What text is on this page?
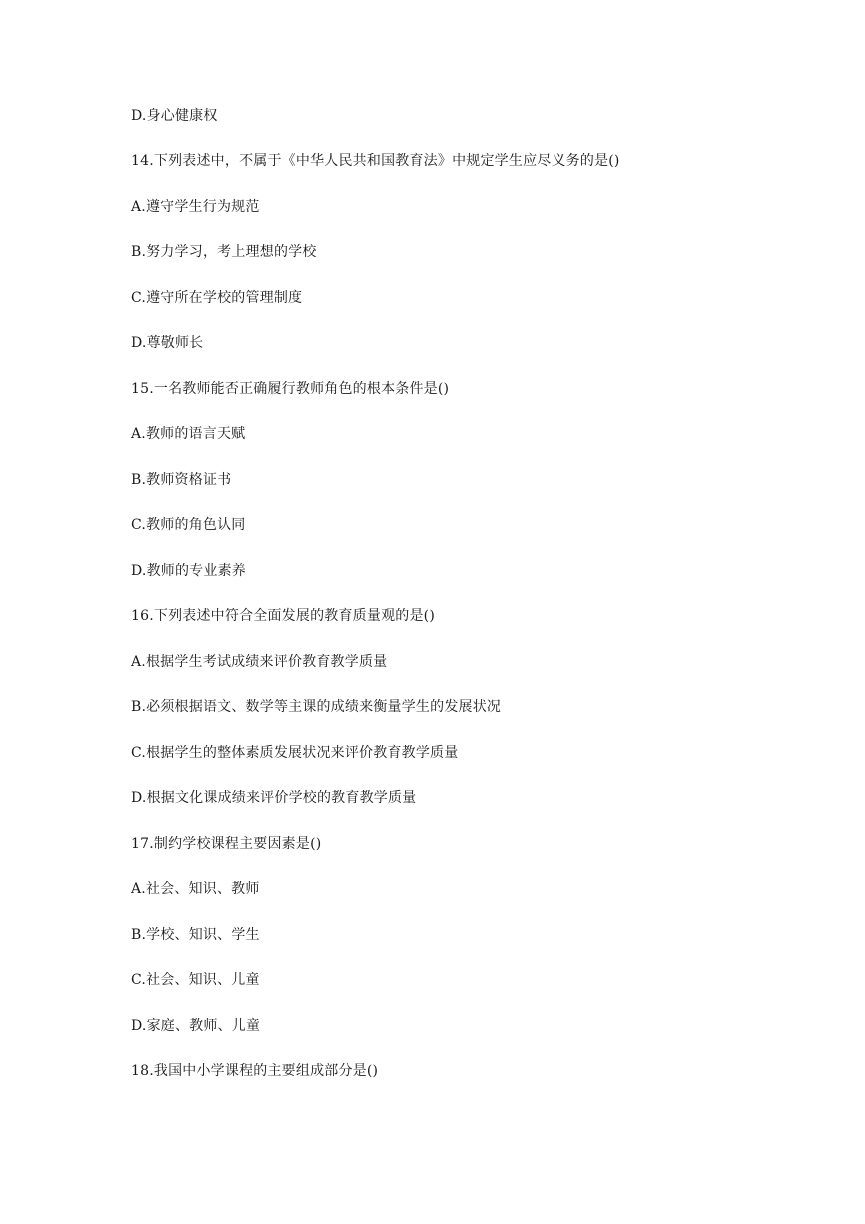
D.身心健康权
14.下列表述中，不属于《中华人民共和国教育法》中规定学生应尽义务的是()
A.遵守学生行为规范
B.努力学习，考上理想的学校
C.遵守所在学校的管理制度
D.尊敬师长
15.一名教师能否正确履行教师角色的根本条件是()
A.教师的语言天赋
B.教师资格证书
C.教师的角色认同
D.教师的专业素养
16.下列表述中符合全面发展的教育质量观的是()
A.根据学生考试成绩来评价教育教学质量
B.必须根据语文、数学等主课的成绩来衡量学生的发展状况
C.根据学生的整体素质发展状况来评价教育教学质量
D.根据文化课成绩来评价学校的教育教学质量
17.制约学校课程主要因素是()
A.社会、知识、教师
B.学校、知识、学生
C.社会、知识、儿童
D.家庭、教师、儿童
18.我国中小学课程的主要组成部分是()
